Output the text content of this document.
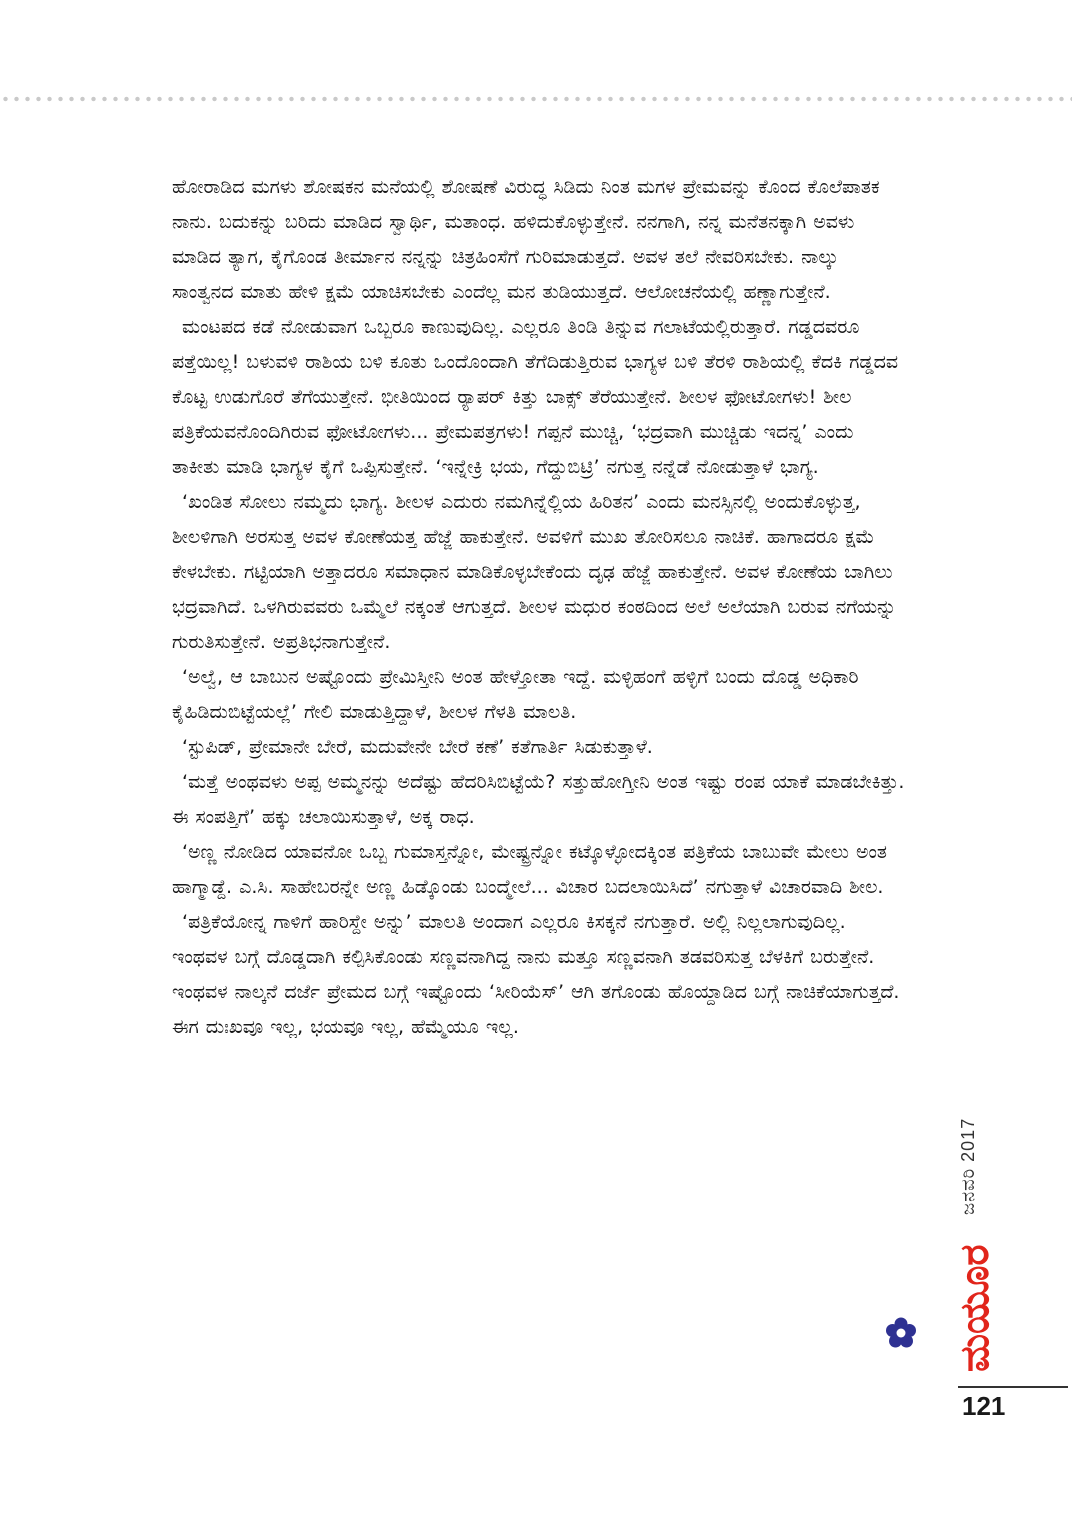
ಹೋರಾಡಿದ ಮಗಳು ಶೋಷಕನ ಮನೆಯಲ್ಲಿ ಶೋಷಣೆ ವಿರುದ್ಧ ಸಿಡಿದು ನಿಂತ ಮಗಳ ಪ್ರೇಮವನ್ನು ಕೊಂದ ಕೊಲೆಪಾತಕ ನಾನು. ಬದುಕನ್ನು ಬರಿದು ಮಾಡಿದ ಸ್ವಾರ್ಥಿ, ಮತಾಂಧ. ಹಳಿದುಕೊಳ್ಳುತ್ತೇನೆ. ನನಗಾಗಿ, ನನ್ನ ಮನೆತನಕ್ಕಾಗಿ ಅವಳು ಮಾಡಿದ ತ್ಯಾಗ, ಕೈಗೊಂಡ ತೀರ್ಮಾನ ನನ್ನನ್ನು ಚಿತ್ರಹಿಂಸೆಗೆ ಗುರಿಮಾಡುತ್ತದೆ. ಅವಳ ತಲೆ ನೇವರಿಸಬೇಕು. ನಾಲ್ಕು ಸಾಂತ್ವನದ ಮಾತು ಹೇಳಿ ಕ್ಷಮೆ ಯಾಚಿಸಬೇಕು ಎಂದೆಲ್ಲ ಮನ ತುಡಿಯುತ್ತದೆ. ಆಲೋಚನೆಯಲ್ಲಿ ಹಣ್ಣಾಗುತ್ತೇನೆ.

ಮಂಟಪದ ಕಡೆ ನೋಡುವಾಗ ಒಬ್ಬರೂ ಕಾಣುವುದಿಲ್ಲ. ಎಲ್ಲರೂ ತಿಂಡಿ ತಿನ್ನುವ ಗಲಾಟೆಯಲ್ಲಿರುತ್ತಾರೆ. ಗಡ್ಡದವರೂ ಪತ್ತೆಯಿಲ್ಲ! ಬಳುವಳಿ ರಾಶಿಯ ಬಳಿ ಕೂತು ಒಂದೊಂದಾಗಿ ತೆಗೆದಿಡುತ್ತಿರುವ ಭಾಗ್ಯಳ ಬಳಿ ತೆರಳಿ ರಾಶಿಯಲ್ಲಿ ಕೆದಕಿ ಗಡ್ಡದವ ಕೊಟ್ಟ ಉಡುಗೊರೆ ತೆಗೆಯುತ್ತೇನೆ. ಭೀತಿಯಿಂದ ರ್‍ಯಾಪರ್ ಕಿತ್ತು ಬಾಕ್ಸ್ ತೆರೆಯುತ್ತೇನೆ. ಶೀಲಳ ಫೋಟೋಗಳು! ಶೀಲ ಪತ್ರಿಕೆಯವನೊಂದಿಗಿರುವ ಫೋಟೋಗಳು... ಪ್ರೇಮಪತ್ರಗಳು! ಗಪ್ಪನೆ ಮುಚ್ಚಿ, ‘ಭದ್ರವಾಗಿ ಮುಚ್ಚಿಡು ಇದನ್ನ’ ಎಂದು ತಾಕೀತು ಮಾಡಿ ಭಾಗ್ಯಳ ಕೈಗೆ ಒಪ್ಪಿಸುತ್ತೇನೆ. ‘ಇನ್ನೇಕ್ರಿ ಭಯ, ಗೆದ್ದುಬಿಟ್ರಿ’ ನಗುತ್ತ ನನ್ನೆಡೆ ನೋಡುತ್ತಾಳೆ ಭಾಗ್ಯ.

‘ಖಂಡಿತ ಸೋಲು ನಮ್ಮದು ಭಾಗ್ಯ. ಶೀಲಳ ಎದುರು ನಮಗಿನ್ನೆಲ್ಲಿಯ ಹಿರಿತನ’ ಎಂದು ಮನಸ್ಸಿನಲ್ಲಿ ಅಂದುಕೊಳ್ಳುತ್ತ, ಶೀಲಳಿಗಾಗಿ ಅರಸುತ್ತ ಅವಳ ಕೋಣೆಯತ್ತ ಹೆಜ್ಜೆ ಹಾಕುತ್ತೇನೆ. ಅವಳಿಗೆ ಮುಖ ತೋರಿಸಲೂ ನಾಚಿಕೆ. ಹಾಗಾದರೂ ಕ್ಷಮೆ ಕೇಳಬೇಕು. ಗಟ್ಟಿಯಾಗಿ ಅತ್ತಾದರೂ ಸಮಾಧಾನ ಮಾಡಿಕೊಳ್ಳಬೇಕೆಂದು ದೃಢ ಹೆಜ್ಜೆ ಹಾಕುತ್ತೇನೆ. ಅವಳ ಕೋಣೆಯ ಬಾಗಿಲು ಭದ್ರವಾಗಿದೆ. ಒಳಗಿರುವವರು ಒಮ್ಮೆಲೆ ನಕ್ಕಂತೆ ಆಗುತ್ತದೆ. ಶೀಲಳ ಮಧುರ ಕಂಠದಿಂದ ಅಲೆ ಅಲೆಯಾಗಿ ಬರುವ ನಗೆಯನ್ನು ಗುರುತಿಸುತ್ತೇನೆ. ಅಪ್ರತಿಭನಾಗುತ್ತೇನೆ.

‘ಅಲ್ವೆ, ಆ ಬಾಬುನ ಅಷ್ಟೊಂದು ಪ್ರೇಮಿಸ್ತೀನಿ ಅಂತ ಹೇಳ್ತೋತಾ ಇದ್ದೆ. ಮಳ್ಳಿಹಂಗೆ ಹಳ್ಳಿಗೆ ಬಂದು ದೊಡ್ಡ ಅಧಿಕಾರಿ ಕೈಹಿಡಿದುಬಿಟ್ಟೆಯಲ್ಲೆ’ ಗೇಲಿ ಮಾಡುತ್ತಿದ್ದಾಳೆ, ಶೀಲಳ ಗೆಳತಿ ಮಾಲತಿ.

‘ಸ್ಟುಪಿಡ್, ಪ್ರೇಮಾನೇ ಬೇರೆ, ಮದುವೇನೇ ಬೇರೆ ಕಣೆ’ ಕತೆಗಾರ್ತಿ ಸಿಡುಕುತ್ತಾಳೆ.

‘ಮತ್ತೆ ಅಂಥವಳು ಅಪ್ಪ ಅಮ್ಮನನ್ನು ಅದೆಷ್ಟು ಹೆದರಿಸಿಬಿಟ್ಟೆಯೆ? ಸತ್ತುಹೋಗ್ತೀನಿ ಅಂತ ಇಷ್ಟು ರಂಪ ಯಾಕೆ ಮಾಡಬೇಕಿತ್ತು. ಈ ಸಂಪತ್ತಿಗೆ’ ಹಕ್ಕು ಚಲಾಯಿಸುತ್ತಾಳೆ, ಅಕ್ಕ ರಾಧ.

‘ಅಣ್ಣ ನೋಡಿದ ಯಾವನೋ ಒಬ್ಬ ಗುಮಾಸ್ತನ್ನೋ, ಮೇಷ್ಟ್ರನ್ನೋ ಕಟ್ಕೊಳ್ಳೋದಕ್ಕಿಂತ ಪತ್ರಿಕೆಯ ಬಾಬುವೇ ಮೇಲು ಅಂತ ಹಾಗ್ಮಾಡ್ದೆ. ಎ.ಸಿ. ಸಾಹೇಬರನ್ನೇ ಅಣ್ಣ ಹಿಡ್ಕೊಂಡು ಬಂದ್ಮೇಲೆ... ವಿಚಾರ ಬದಲಾಯಿಸಿದೆ’ ನಗುತ್ತಾಳೆ ವಿಚಾರವಾದಿ ಶೀಲ.

‘ಪತ್ರಿಕೆಯೋನ್ನ ಗಾಳಿಗೆ ಹಾರಿಸ್ದೇ ಅನ್ನು’ ಮಾಲತಿ ಅಂದಾಗ ಎಲ್ಲರೂ ಕಿಸಕ್ಕನೆ ನಗುತ್ತಾರೆ. ಅಲ್ಲಿ ನಿಲ್ಲಲಾಗುವುದಿಲ್ಲ. ಇಂಥವಳ ಬಗ್ಗೆ ದೊಡ್ಡದಾಗಿ ಕಲ್ಪಿಸಿಕೊಂಡು ಸಣ್ಣವನಾಗಿದ್ದ ನಾನು ಮತ್ತೂ ಸಣ್ಣವನಾಗಿ ತಡವರಿಸುತ್ತ ಬೆಳಕಿಗೆ ಬರುತ್ತೇನೆ. ಇಂಥವಳ ನಾಲ್ಕನೆ ದರ್ಜೆ ಪ್ರೇಮದ ಬಗ್ಗೆ ಇಷ್ಟೊಂದು ‘ಸೀರಿಯೆಸ್’ ಆಗಿ ತಗೊಂಡು ಹೊಯ್ದಾಡಿದ ಬಗ್ಗೆ ನಾಚಿಕೆಯಾಗುತ್ತದೆ. ಈಗ ದುಃಖವೂ ಇಲ್ಲ, ಭಯವೂ ಇಲ್ಲ, ಹೆಮ್ಮೆಯೂ ಇಲ್ಲ.

ಜನವರಿ 2017
ಮಯೂರ
121
